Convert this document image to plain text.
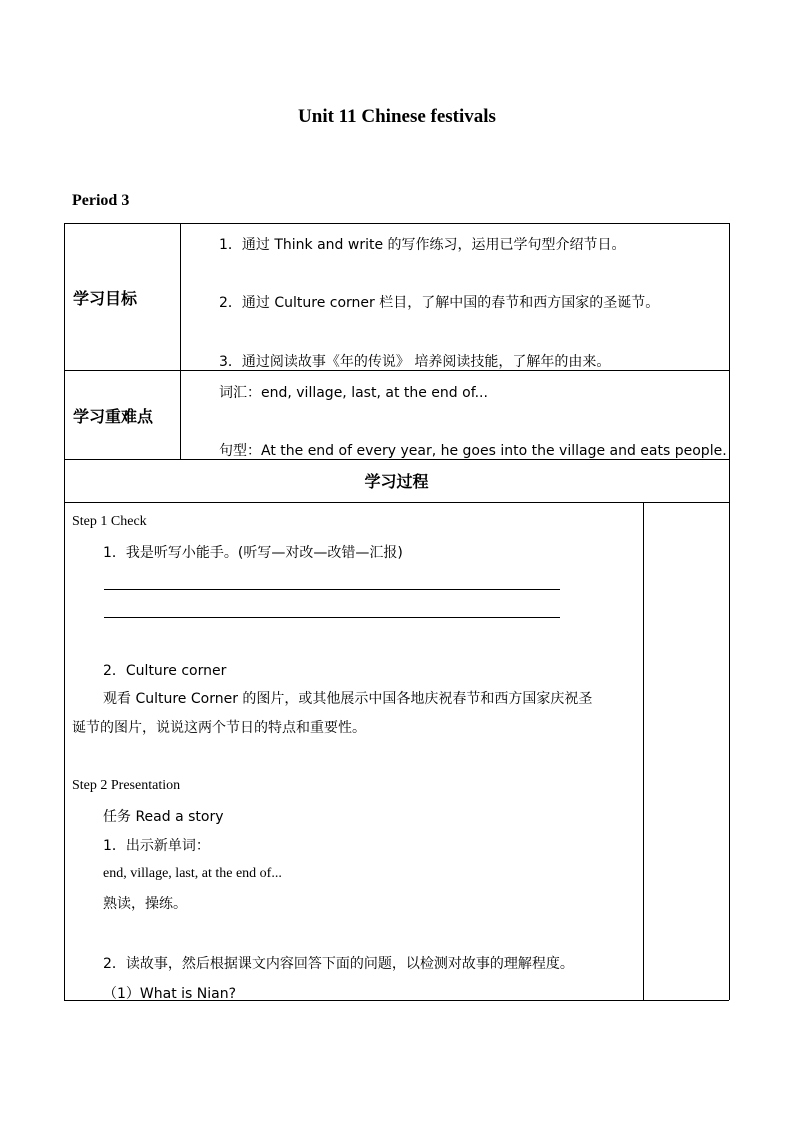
Unit 11 Chinese festivals
Period 3
学习目标
1．通过 Think and write 的写作练习，运用已学句型介绍节日。
2．通过 Culture corner 栏目，了解中国的春节和西方国家的圣诞节。
3．通过阅读故事《年的传说》 培养阅读技能，了解年的由来。
学习重难点
词汇：end, village, last, at the end of...
句型：At the end of every year, he goes into the village and eats people.
学习过程
Step 1 Check
1．我是听写小能手。(听写—对改—改错—汇报)
2．Culture corner
观看 Culture Corner 的图片，或其他展示中国各地庆祝春节和西方国家庆祝圣
诞节的图片，说说这两个节日的特点和重要性。
Step 2 Presentation
任务 Read a story
1．出示新单词：
end, village, last, at the end of...
熟读，操练。
2．读故事，然后根据课文内容回答下面的问题，以检测对故事的理解程度。
（1）What is Nian?
